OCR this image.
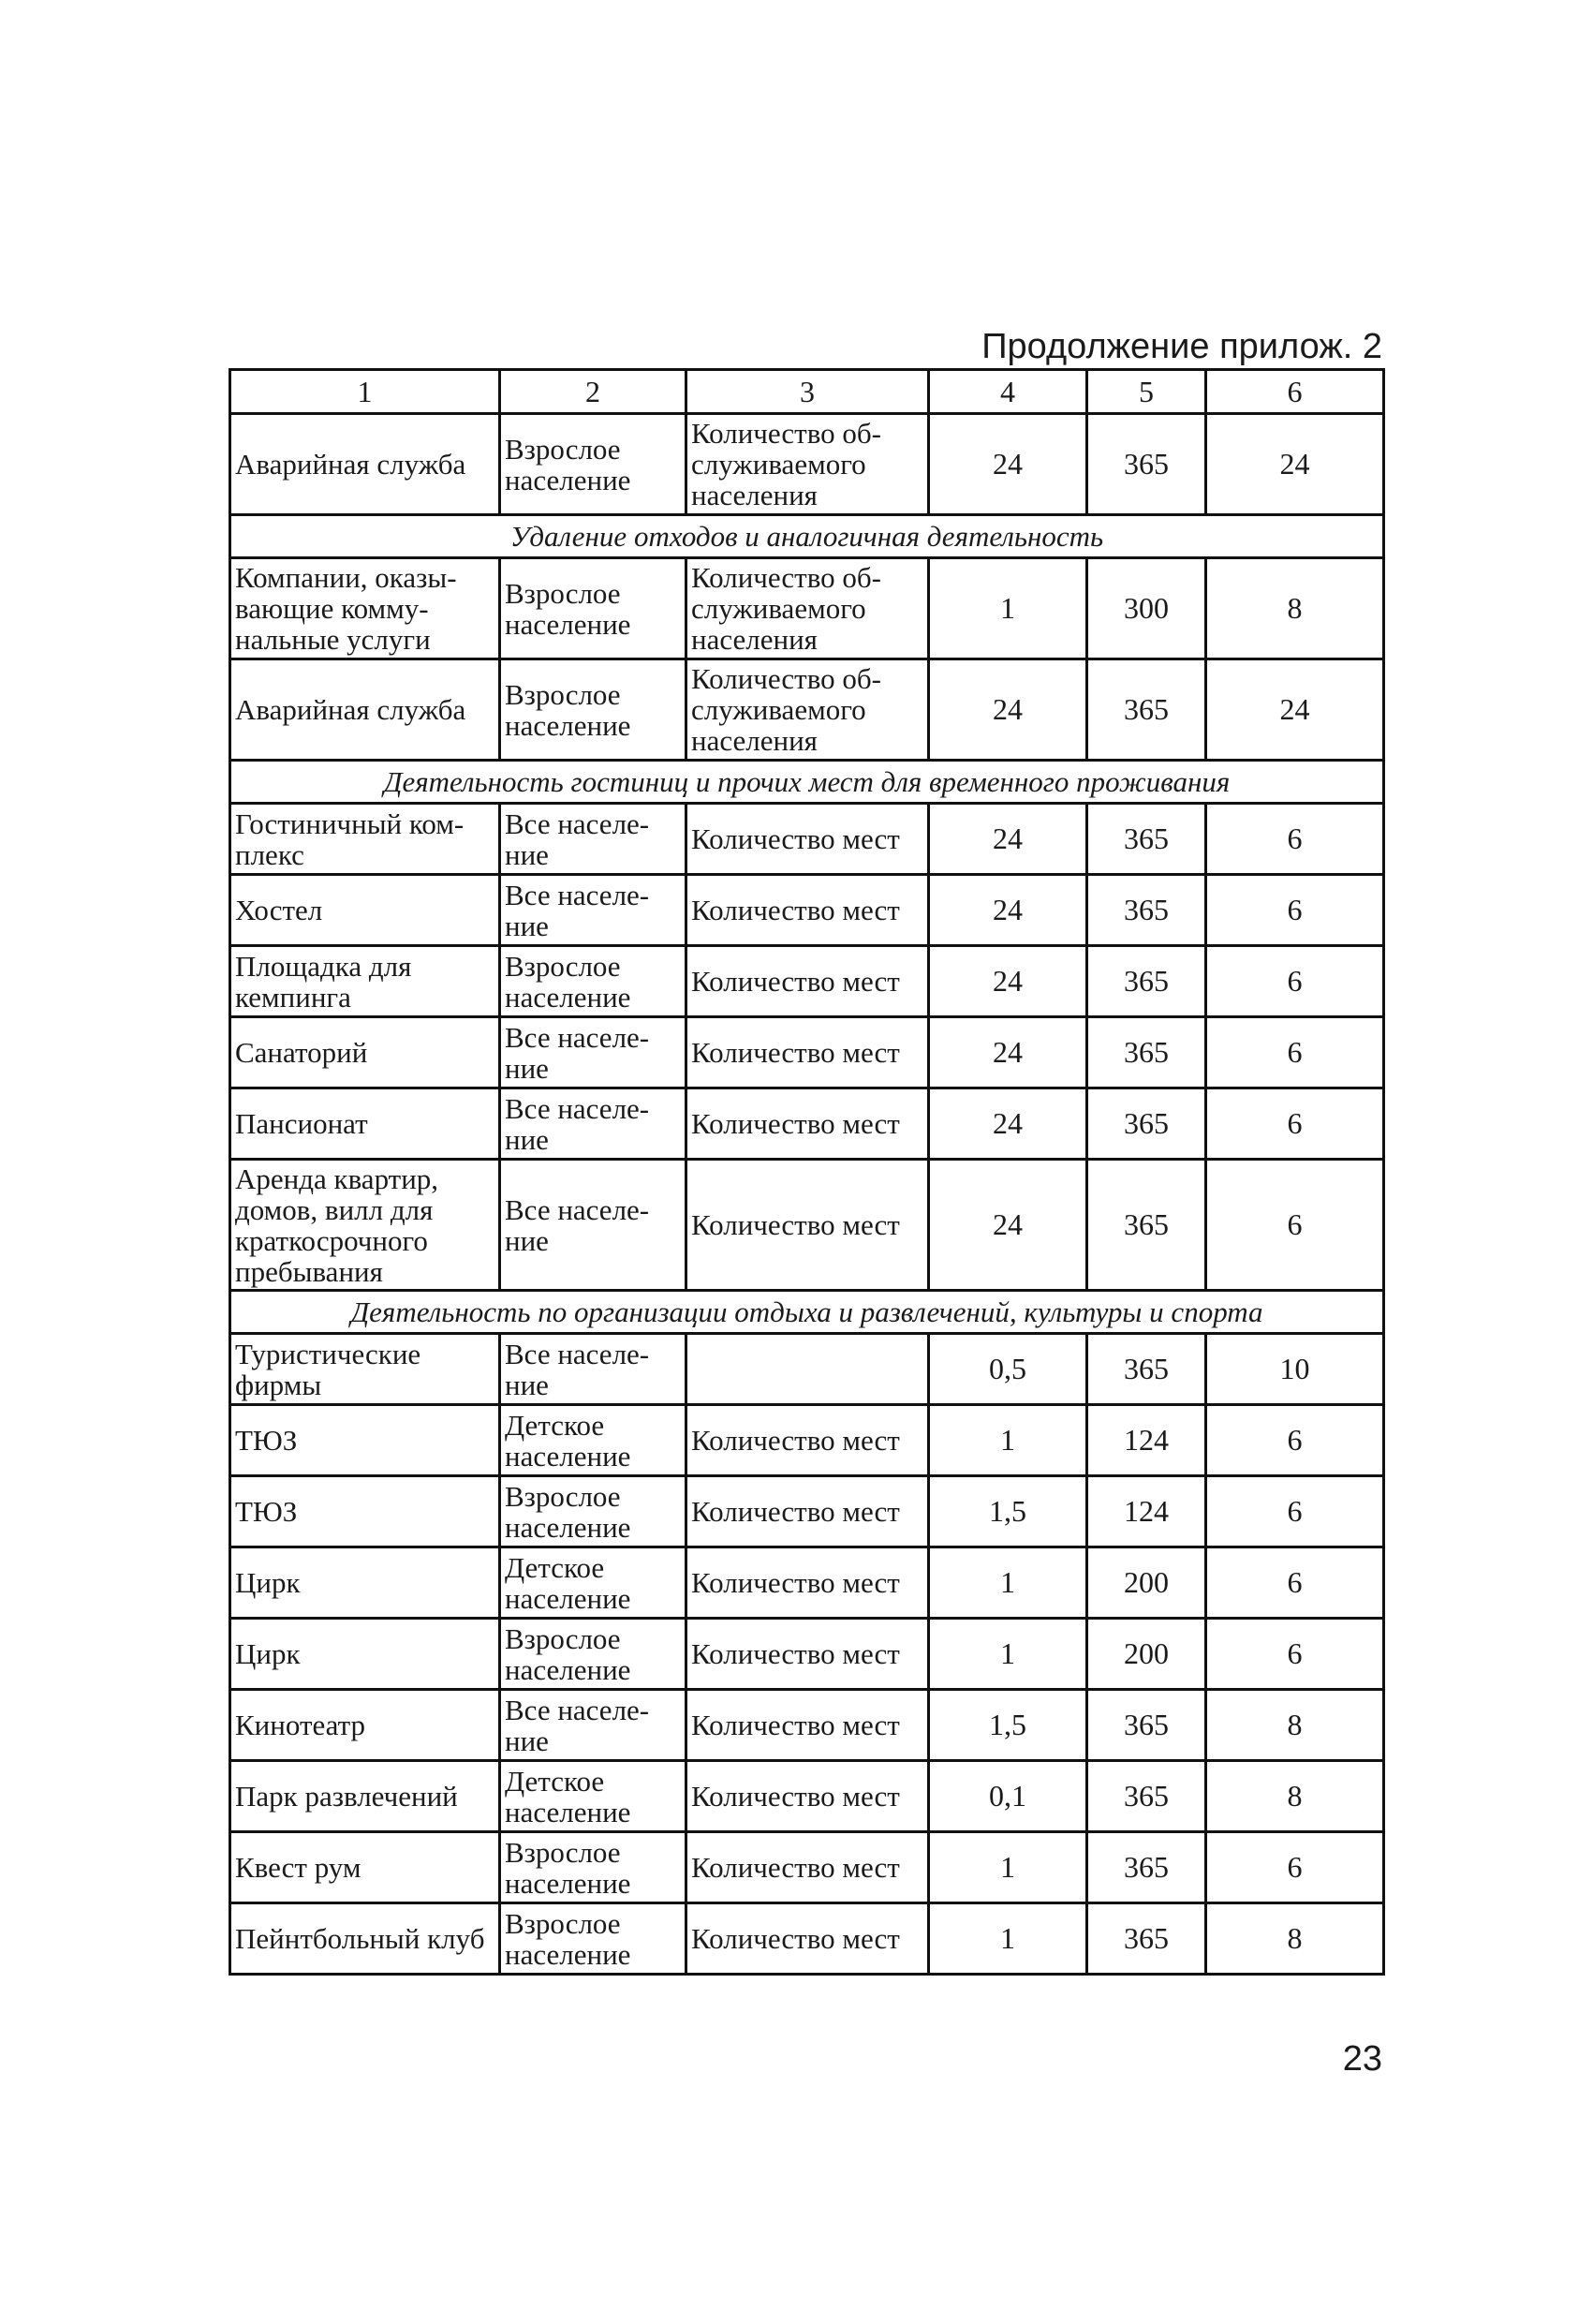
Продолжение прилож. 2
1	2	3	4	5	6
Аварийная служба	Взрослое население	Количество об-служиваемого населения	24	365	24
Удаление отходов и аналогичная деятельность					
Компании, оказы-вающие комму-нальные услуги	Взрослое население	Количество об-служиваемого населения	1	300	8
Аварийная служба	Взрослое население	Количество об-служиваемого населения	24	365	24
Деятельность гостиниц и прочих мест для временного проживания					
Гостиничный ком-плекс	Все населе-ние	Количество мест	24	365	6
Хостел	Все населе-ние	Количество мест	24	365	6
Площадка для кемпинга	Взрослое население	Количество мест	24	365	6
Санаторий	Все населе-ние	Количество мест	24	365	6
Пансионат	Все населе-ние	Количество мест	24	365	6
Аренда квартир, домов, вилл для краткосрочного пребывания	Все населе-ние	Количество мест	24	365	6
Деятельность по организации отдыха и развлечений, культуры и спорта					
Туристические фирмы	Все населе-ние		0,5	365	10
ТЮЗ	Детское население	Количество мест	1	124	6
ТЮЗ	Взрослое население	Количество мест	1,5	124	6
Цирк	Детское население	Количество мест	1	200	6
Цирк	Взрослое население	Количество мест	1	200	6
Кинотеатр	Все населе-ние	Количество мест	1,5	365	8
Парк развлечений	Детское население	Количество мест	0,1	365	8
Квест рум	Взрослое население	Количество мест	1	365	6
Пейнтбольный клуб	Взрослое население	Количество мест	1	365	8
23
